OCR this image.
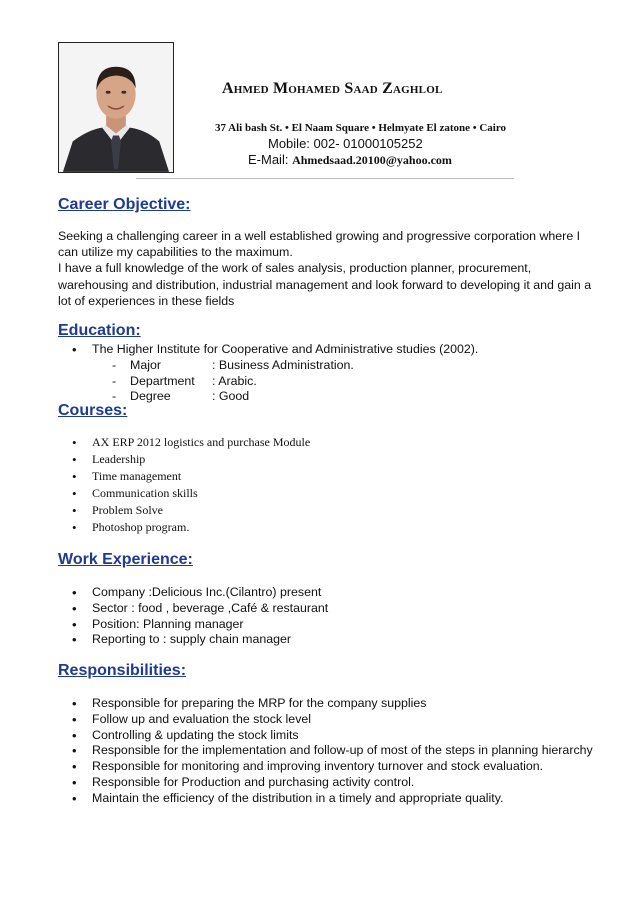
Ahmed Mohamed Saad Zaghlol
37 Ali bash St. • El Naam Square • Helmyate El zatone • Cairo
Mobile: 002- 01000105252
E-Mail: Ahmedsaad.20100@yahoo.com
Career Objective:
Seeking a challenging career in a well established growing and progressive corporation where I can utilize my capabilities to the maximum.
I have a full knowledge of the work of sales analysis, production planner, procurement, warehousing and distribution, industrial management and look forward to developing it and gain a lot of experiences in these fields
Education:
• The Higher Institute for Cooperative and Administrative studies (2002).
-	Major	: Business Administration.
-	Department	: Arabic.
-	Degree	: Good
Courses:
• AX ERP 2012 logistics and purchase Module
• Leadership
• Time management
• Communication skills
• Problem Solve
• Photoshop program.
Work Experience:
• Company :Delicious Inc.(Cilantro) present
• Sector : food , beverage ,Café & restaurant
• Position: Planning manager
• Reporting to : supply chain manager
Responsibilities:
• Responsible for preparing the MRP for the company supplies
• Follow up and evaluation the stock level
• Controlling & updating the stock limits
• Responsible for the implementation and follow-up of most of the steps in planning hierarchy
• Responsible for monitoring and improving inventory turnover and stock evaluation.
• Responsible for Production and purchasing activity control.
• Maintain the efficiency of the distribution in a timely and appropriate quality.
